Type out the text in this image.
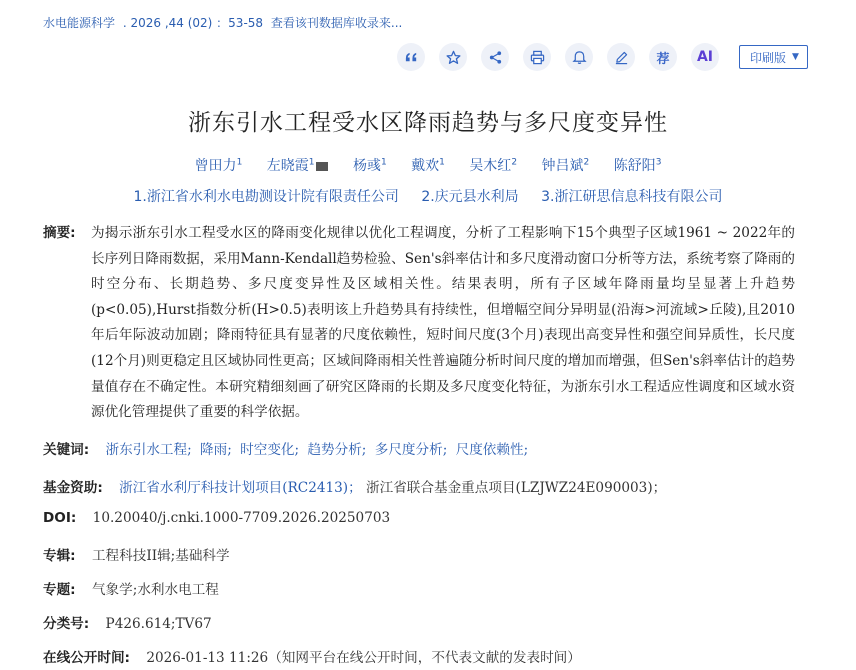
水电能源科学 . 2026 ,44 (02) ：53-58 查看该刊数据库收录来...
荐	AI	印刷版 ▼
浙东引水工程受水区降雨趋势与多尺度变异性
曾田力$^1$ 左晓霞$^1$	杨彧$^1$ 戴欢$^1$ 吴木红$^2$ 钟吕斌$^2$ 陈舒阳$^3$
1.浙江省水利水电勘测设计院有限责任公司 2.庆元县水利局 3.浙江研思信息科技有限公司
摘要:	为揭示浙东引水工程受水区的降雨变化规律以优化工程调度，分析了工程影响下15个典型子区域1961 ~ 2022年的长序列日降雨数据，采用Mann-Kendall趋势检验、Sen's斜率估计和多尺度滑动窗口分析等方法，系统考察了降雨的时空分布、长期趋势、多尺度变异性及区域相关性。结果表明，所有子区域年降雨量均呈显著上升趋势(p<0.05),Hurst指数分析(H>0.5)表明该上升趋势具有持续性，但增幅空间分异明显(沿海>河流域>丘陵),且2010年后年际波动加剧；降雨特征具有显著的尺度依赖性，短时间尺度(3个月)表现出高变异性和强空间异质性，长尺度(12个月)则更稳定且区域协同性更高；区域间降雨相关性普遍随分析时间尺度的增加而增强，但Sen's斜率估计的趋势量值存在不确定性。本研究精细刻画了研究区降雨的长期及多尺度变化特征，为浙东引水工程适应性调度和区域水资源优化管理提供了重要的科学依据。
关键词: 浙东引水工程; 降雨; 时空变化; 趋势分析; 多尺度分析; 尺度依赖性;
基金资助: 浙江省水利厅科技计划项目(RC2413)； 浙江省联合基金重点项目(LZJWZ24E090003)；
DOI: 10.20040/j.cnki.1000-7709.2026.20250703
专辑: 工程科技II辑;基础科学
专题: 气象学;水利水电工程
分类号: P426.614;TV67
在线公开时间: 2026-01-13 11:26（知网平台在线公开时间，不代表文献的发表时间）
